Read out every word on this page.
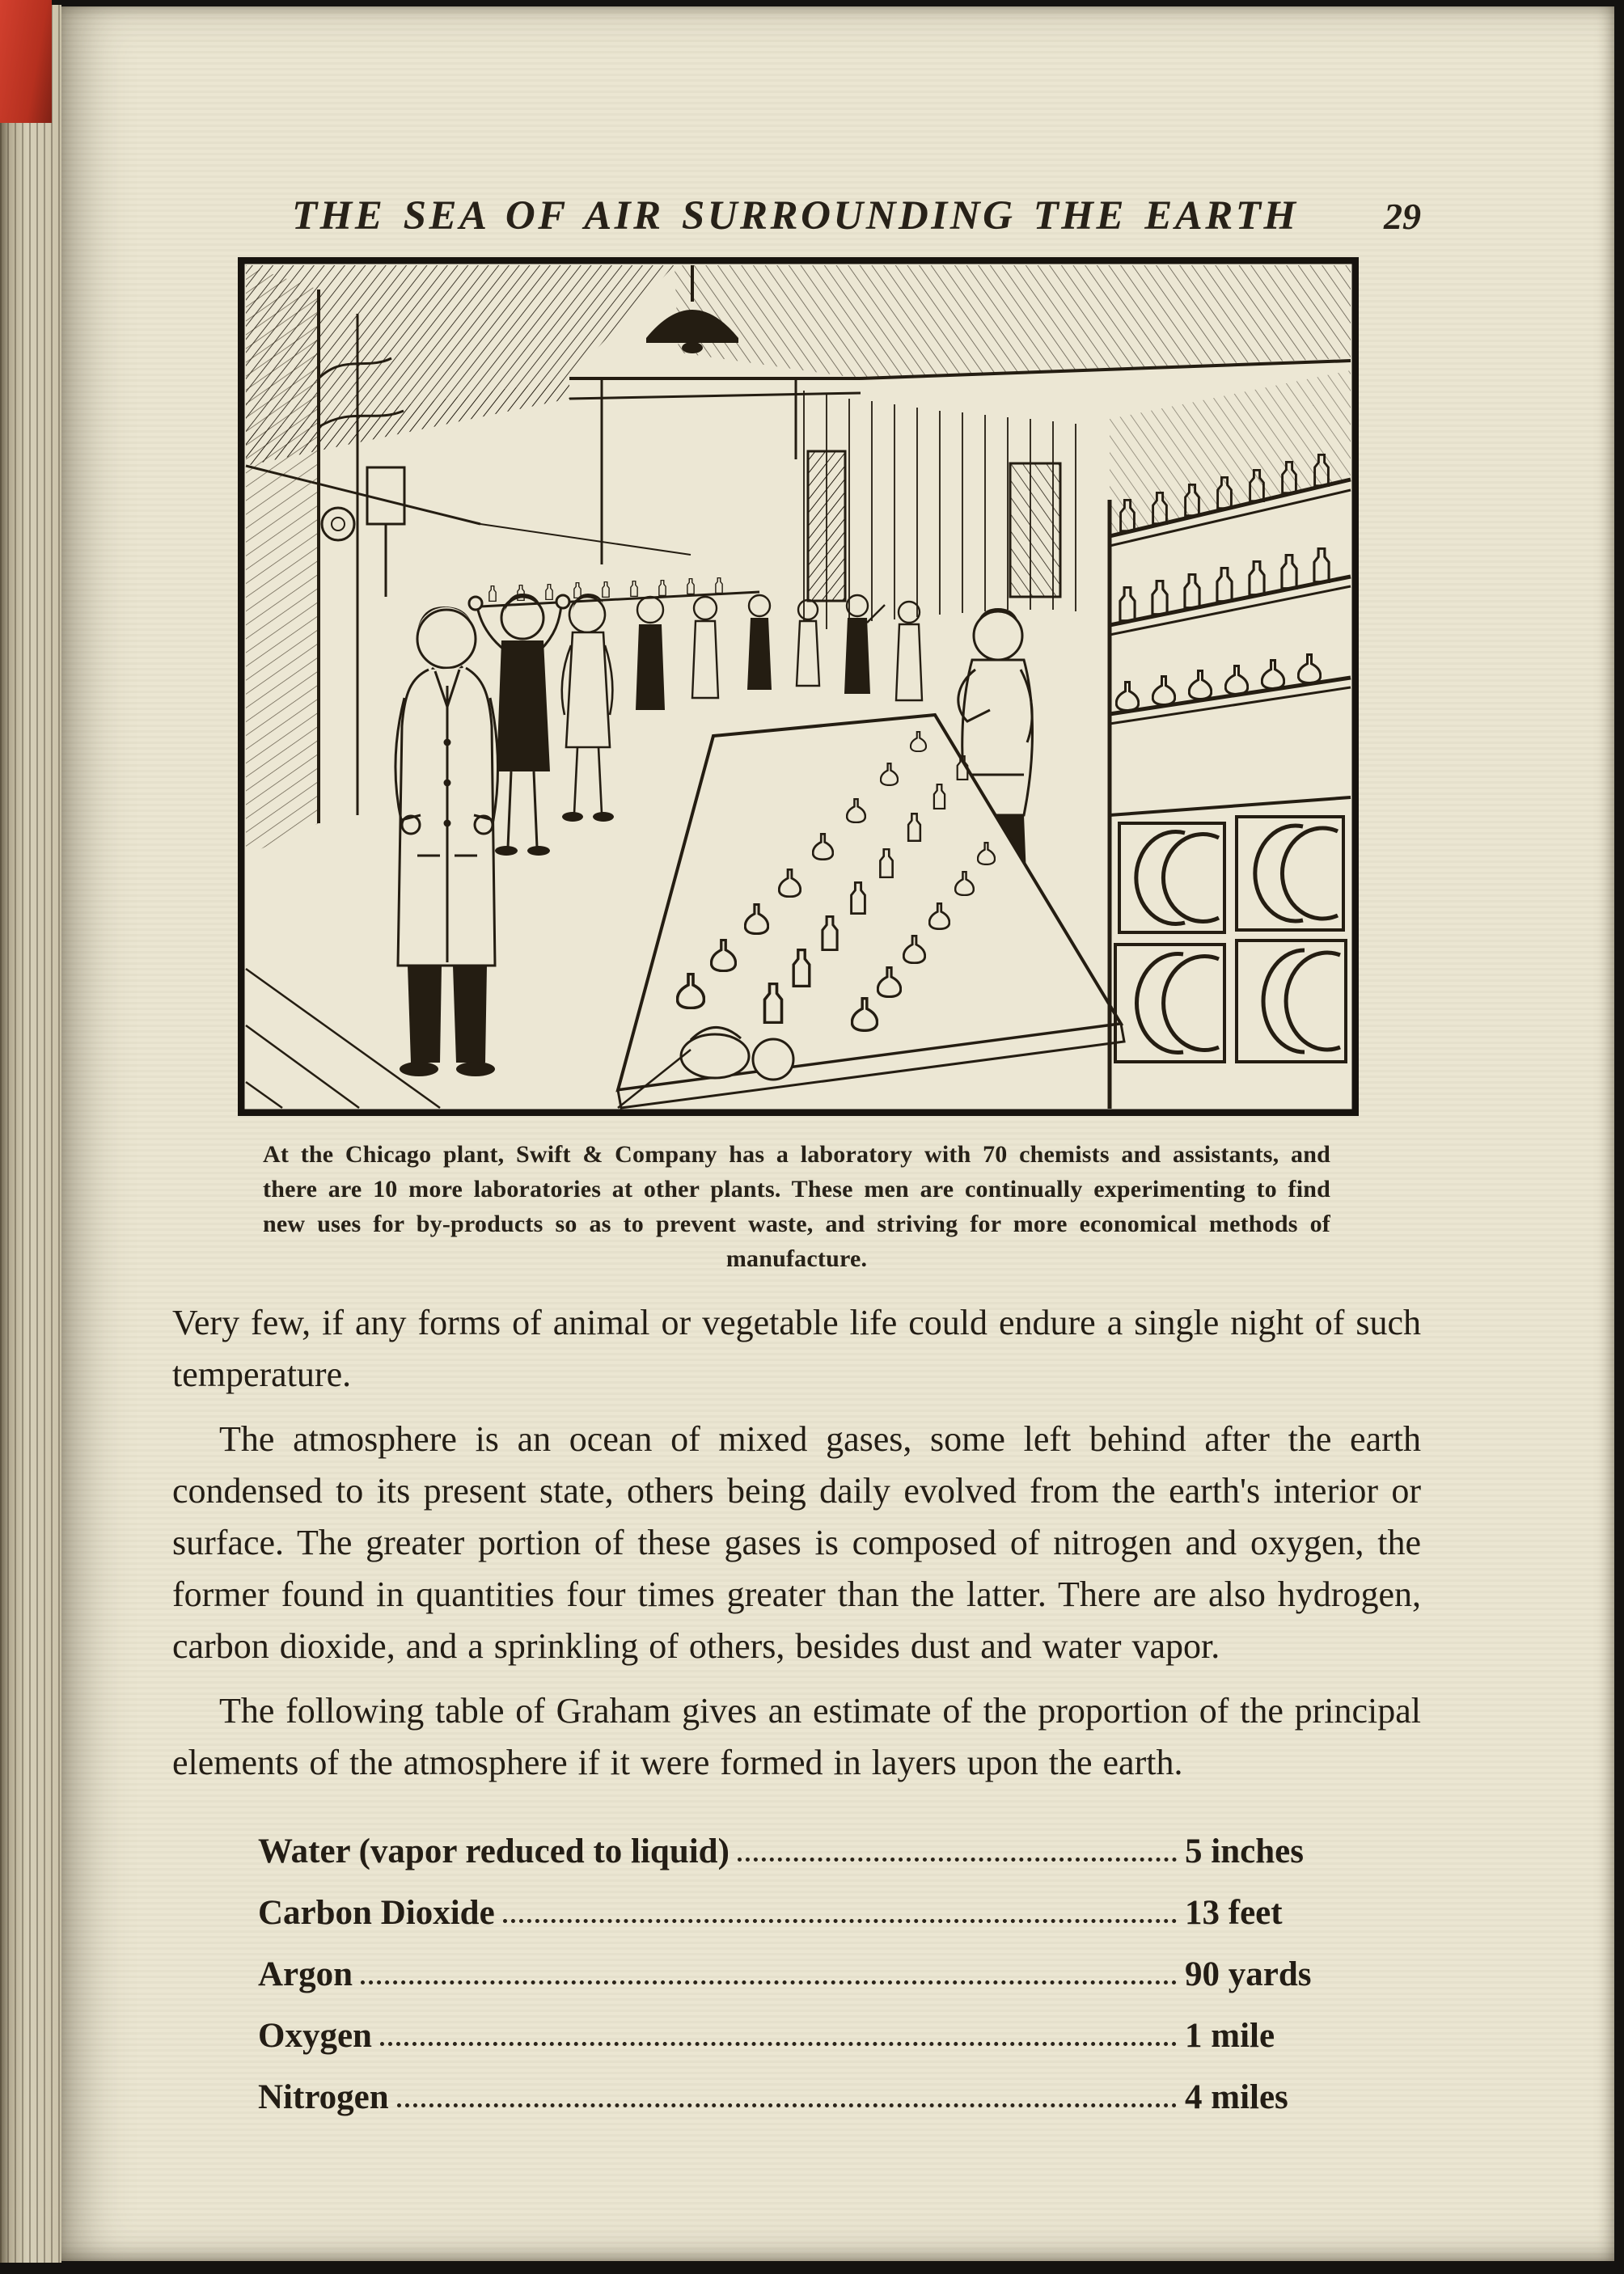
THE SEA OF AIR SURROUNDING THE EARTH 29
At the Chicago plant, Swift & Company has a laboratory with 70 chemists and assistants, and there are 10 more laboratories at other plants. These men are continually experimenting to find new uses for by-products so as to prevent waste, and striving for more economical methods of manufacture.

Very few, if any forms of animal or vegetable life could endure a single night of such temperature.

The atmosphere is an ocean of mixed gases, some left behind after the earth condensed to its present state, others being daily evolved from the earth's interior or surface. The greater portion of these gases is composed of nitrogen and oxygen, the former found in quantities four times greater than the latter. There are also hydrogen, carbon dioxide, and a sprinkling of others, besides dust and water vapor.

The following table of Graham gives an estimate of the proportion of the principal elements of the atmosphere if it were formed in layers upon the earth.

Water (vapor reduced to liquid)	5 inches
Carbon Dioxide	13 feet
Argon	90 yards
Oxygen	1 mile
Nitrogen	4 miles
